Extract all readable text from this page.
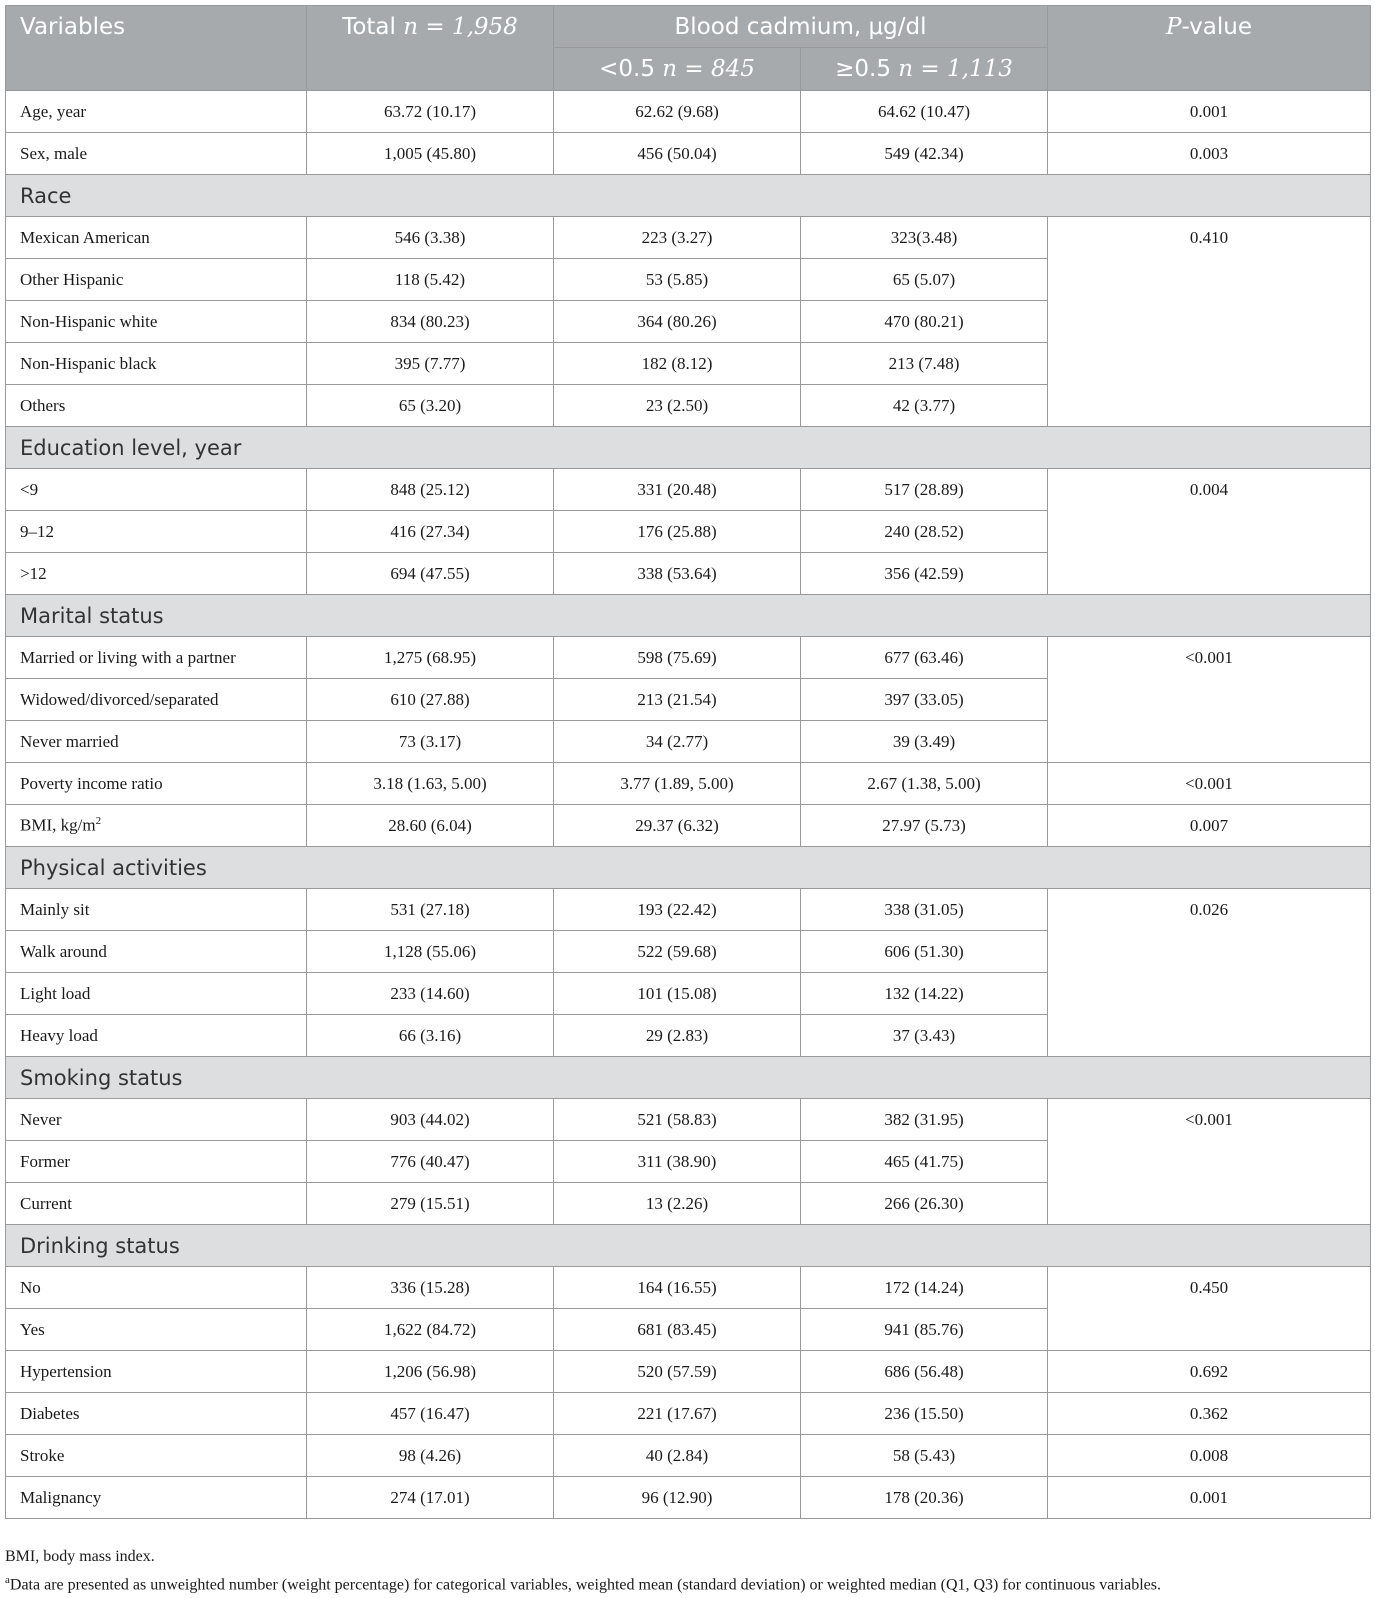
Variables	Total n = 1,958	Blood cadmium, μg/dl		P-value
		<0.5 n = 845	≥0.5 n = 1,113	
Age, year	63.72 (10.17)	62.62 (9.68)	64.62 (10.47)	0.001
Sex, male	1,005 (45.80)	456 (50.04)	549 (42.34)	0.003
Race				
Mexican American	546 (3.38)	223 (3.27)	323(3.48)	0.410
Other Hispanic	118 (5.42)	53 (5.85)	65 (5.07)	
Non-Hispanic white	834 (80.23)	364 (80.26)	470 (80.21)	
Non-Hispanic black	395 (7.77)	182 (8.12)	213 (7.48)	
Others	65 (3.20)	23 (2.50)	42 (3.77)	
Education level, year				
<9	848 (25.12)	331 (20.48)	517 (28.89)	0.004
9–12	416 (27.34)	176 (25.88)	240 (28.52)	
>12	694 (47.55)	338 (53.64)	356 (42.59)	
Marital status				
Married or living with a partner	1,275 (68.95)	598 (75.69)	677 (63.46)	<0.001
Widowed/divorced/separated	610 (27.88)	213 (21.54)	397 (33.05)	
Never married	73 (3.17)	34 (2.77)	39 (3.49)	
Poverty income ratio	3.18 (1.63, 5.00)	3.77 (1.89, 5.00)	2.67 (1.38, 5.00)	<0.001
BMI, $kg/m^2$	28.60 (6.04)	29.37 (6.32)	27.97 (5.73)	0.007
Physical activities				
Mainly sit	531 (27.18)	193 (22.42)	338 (31.05)	0.026
Walk around	1,128 (55.06)	522 (59.68)	606 (51.30)	
Light load	233 (14.60)	101 (15.08)	132 (14.22)	
Heavy load	66 (3.16)	29 (2.83)	37 (3.43)	
Smoking status				
Never	903 (44.02)	521 (58.83)	382 (31.95)	<0.001
Former	776 (40.47)	311 (38.90)	465 (41.75)	
Current	279 (15.51)	13 (2.26)	266 (26.30)	
Drinking status				
No	336 (15.28)	164 (16.55)	172 (14.24)	0.450
Yes	1,622 (84.72)	681 (83.45)	941 (85.76)	
Hypertension	1,206 (56.98)	520 (57.59)	686 (56.48)	0.692
Diabetes	457 (16.47)	221 (17.67)	236 (15.50)	0.362
Stroke	98 (4.26)	40 (2.84)	58 (5.43)	0.008
Malignancy	274 (17.01)	96 (12.90)	178 (20.36)	0.001
BMI, body mass index.
$^a$Data are presented as unweighted number (weight percentage) for categorical variables, weighted mean (standard deviation) or weighted median (Q1, Q3) for continuous variables.
